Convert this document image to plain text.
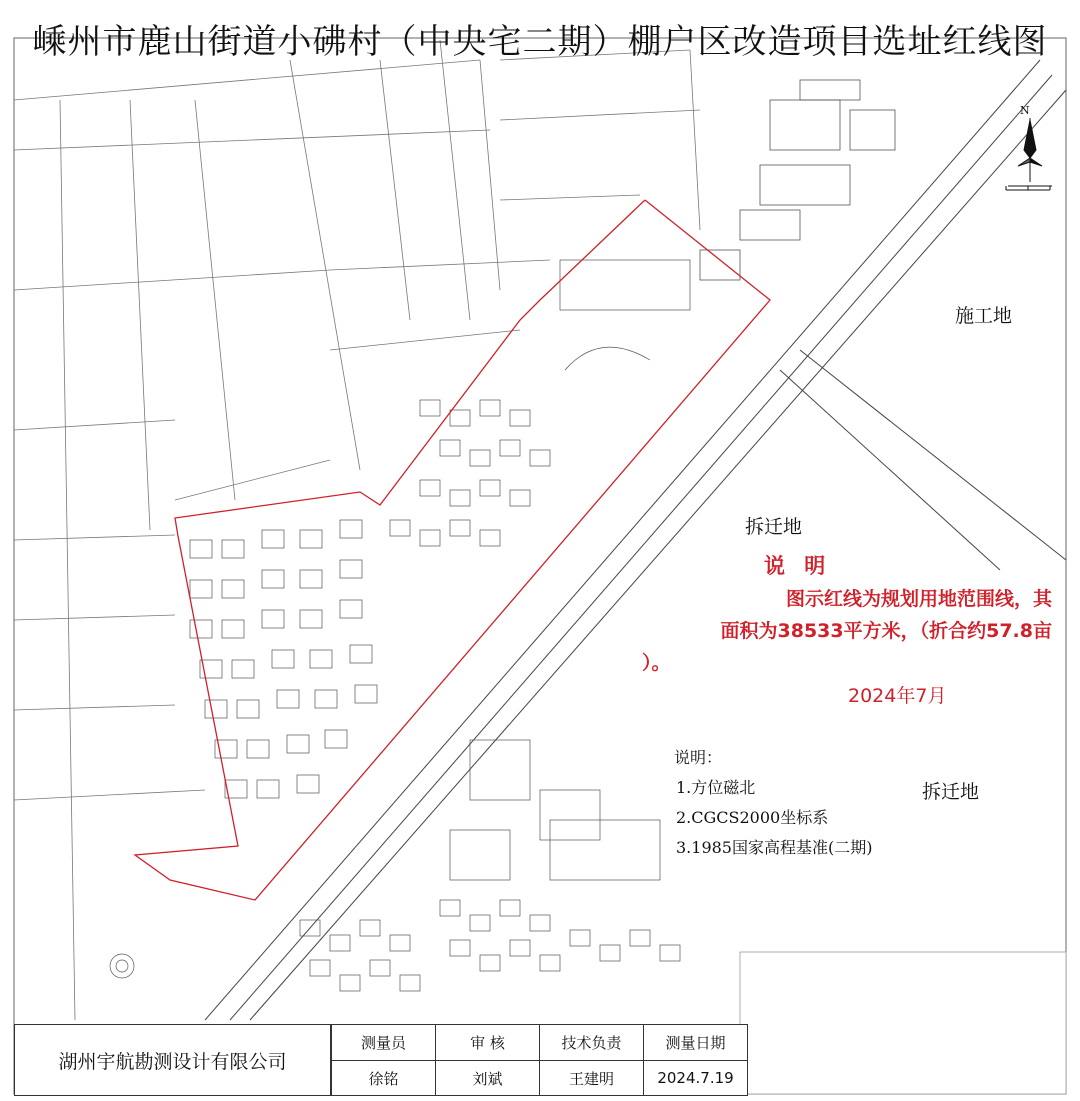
嵊州市鹿山街道小砩村（中央宅二期）棚户区改造项目选址红线图
N
施工地
拆迁地
拆迁地
说 明
图示红线为规划用地范围线，其
面积为38533平方米，（折合约57.8亩
）。
2024年7月
说明：
1.方位磁北
2.CGCS2000坐标系
3.1985国家高程基准(二期)
湖州宇航勘测设计有限公司
测量员	审 核	技术负责	测量日期
徐铭	刘斌	王建明	2024.7.19
